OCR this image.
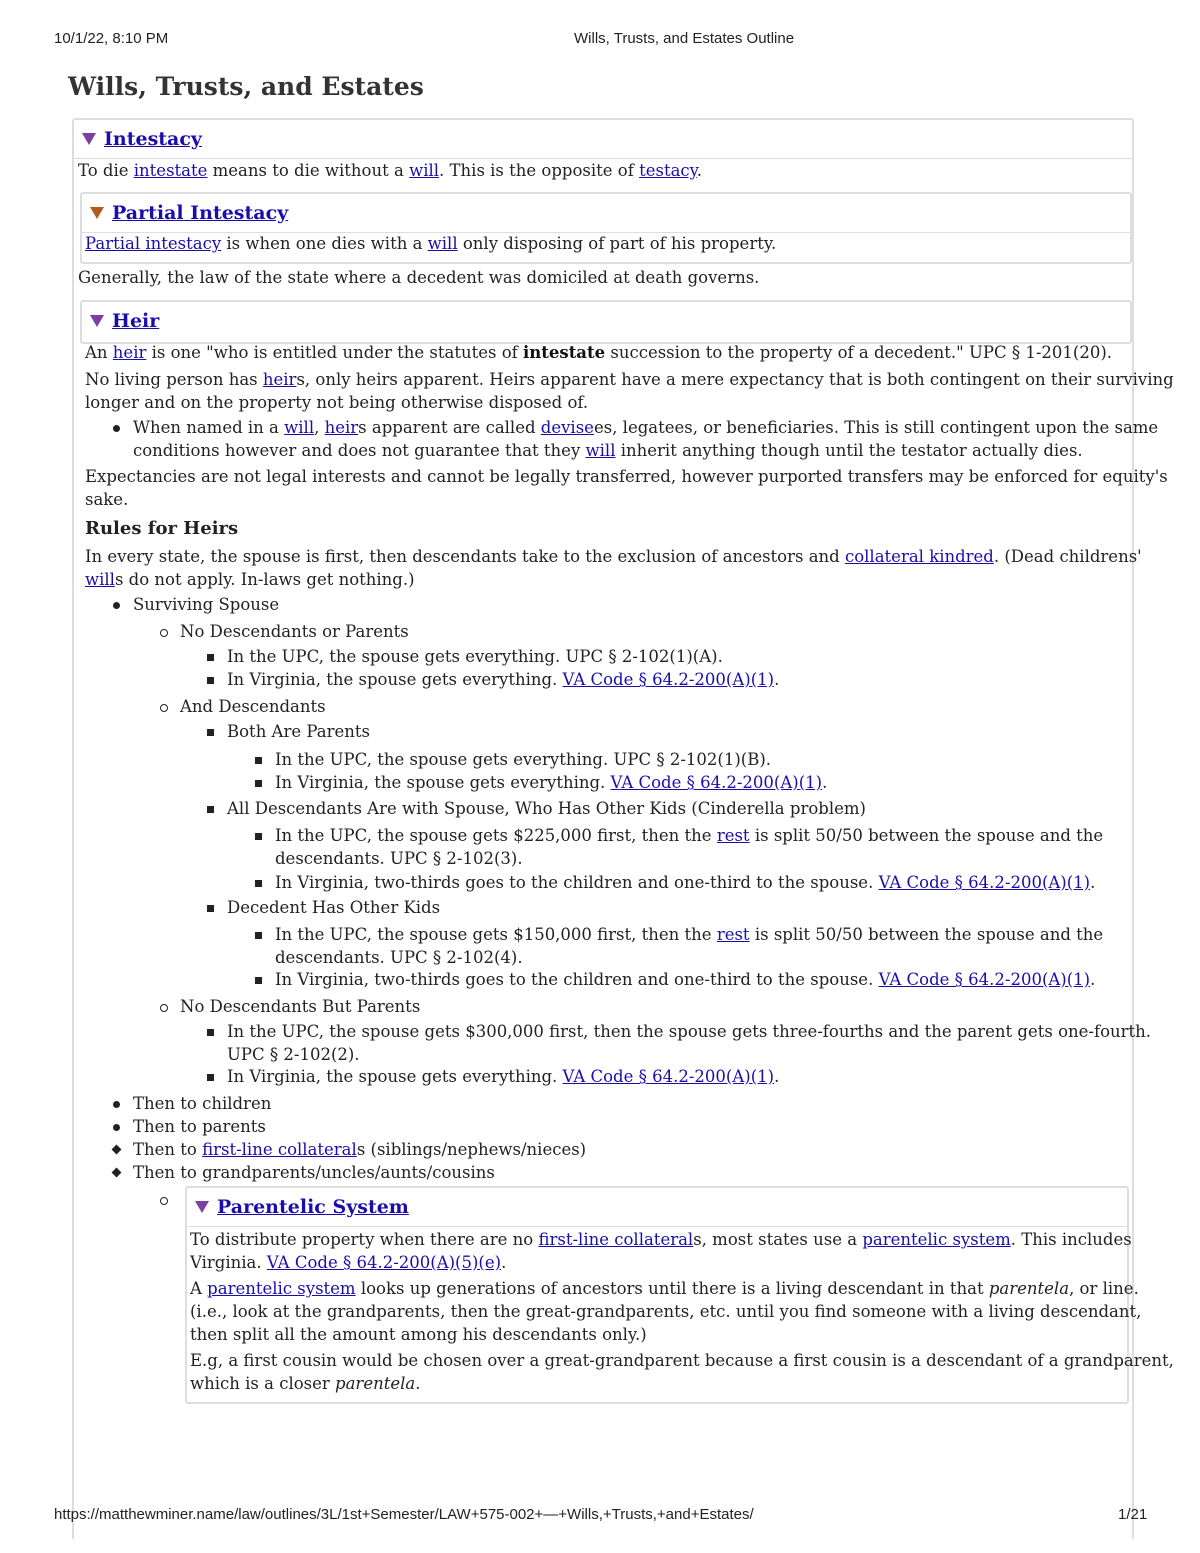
10/1/22, 8:10 PM	Wills, Trusts, and Estates Outline
Wills, Trusts, and Estates
Intestacy

To die intestate means to die without a will. This is the opposite of testacy.

Partial Intestacy

Partial intestacy is when one dies with a will only disposing of part of his property.

Generally, the law of the state where a decedent was domiciled at death governs.

Heir

An heir is one "who is entitled under the statutes of intestate succession to the property of a decedent." UPC § 1-201(20).

No living person has heirs, only heirs apparent. Heirs apparent have a mere expectancy that is both contingent on their surviving
longer and on the property not being otherwise disposed of.

When named in a will, heirs apparent are called devisees, legatees, or beneficiaries. This is still contingent upon the same
conditions however and does not guarantee that they will inherit anything though until the testator actually dies.

Expectancies are not legal interests and cannot be legally transferred, however purported transfers may be enforced for equity's
sake.

Rules for Heirs

In every state, the spouse is first, then descendants take to the exclusion of ancestors and collateral kindred. (Dead childrens'
wills do not apply. In-laws get nothing.)

Surviving Spouse
No Descendants or Parents
In the UPC, the spouse gets everything. UPC § 2-102(1)(A).
In Virginia, the spouse gets everything. VA Code § 64.2-200(A)(1).
And Descendants
Both Are Parents
In the UPC, the spouse gets everything. UPC § 2-102(1)(B).
In Virginia, the spouse gets everything. VA Code § 64.2-200(A)(1).
All Descendants Are with Spouse, Who Has Other Kids (Cinderella problem)
In the UPC, the spouse gets $225,000 first, then the rest is split 50/50 between the spouse and the
descendants. UPC § 2-102(3).
In Virginia, two-thirds goes to the children and one-third to the spouse. VA Code § 64.2-200(A)(1).
Decedent Has Other Kids
In the UPC, the spouse gets $150,000 first, then the rest is split 50/50 between the spouse and the
descendants. UPC § 2-102(4).
In Virginia, two-thirds goes to the children and one-third to the spouse. VA Code § 64.2-200(A)(1).
No Descendants But Parents
In the UPC, the spouse gets $300,000 first, then the spouse gets three-fourths and the parent gets one-fourth.
UPC § 2-102(2).
In Virginia, the spouse gets everything. VA Code § 64.2-200(A)(1).
Then to children
Then to parents
Then to first-line collaterals (siblings/nephews/nieces)
Then to grandparents/uncles/aunts/cousins
Parentelic System

To distribute property when there are no first-line collaterals, most states use a parentelic system. This includes
Virginia. VA Code § 64.2-200(A)(5)(e).

A parentelic system looks up generations of ancestors until there is a living descendant in that parentela, or line.
(i.e., look at the grandparents, then the great-grandparents, etc. until you find someone with a living descendant,
then split all the amount among his descendants only.)

E.g, a first cousin would be chosen over a great-grandparent because a first cousin is a descendant of a grandparent,
which is a closer parentela.

https://matthewminer.name/law/outlines/3L/1st+Semester/LAW+575-002+—+Wills,+Trusts,+and+Estates/	1/21
